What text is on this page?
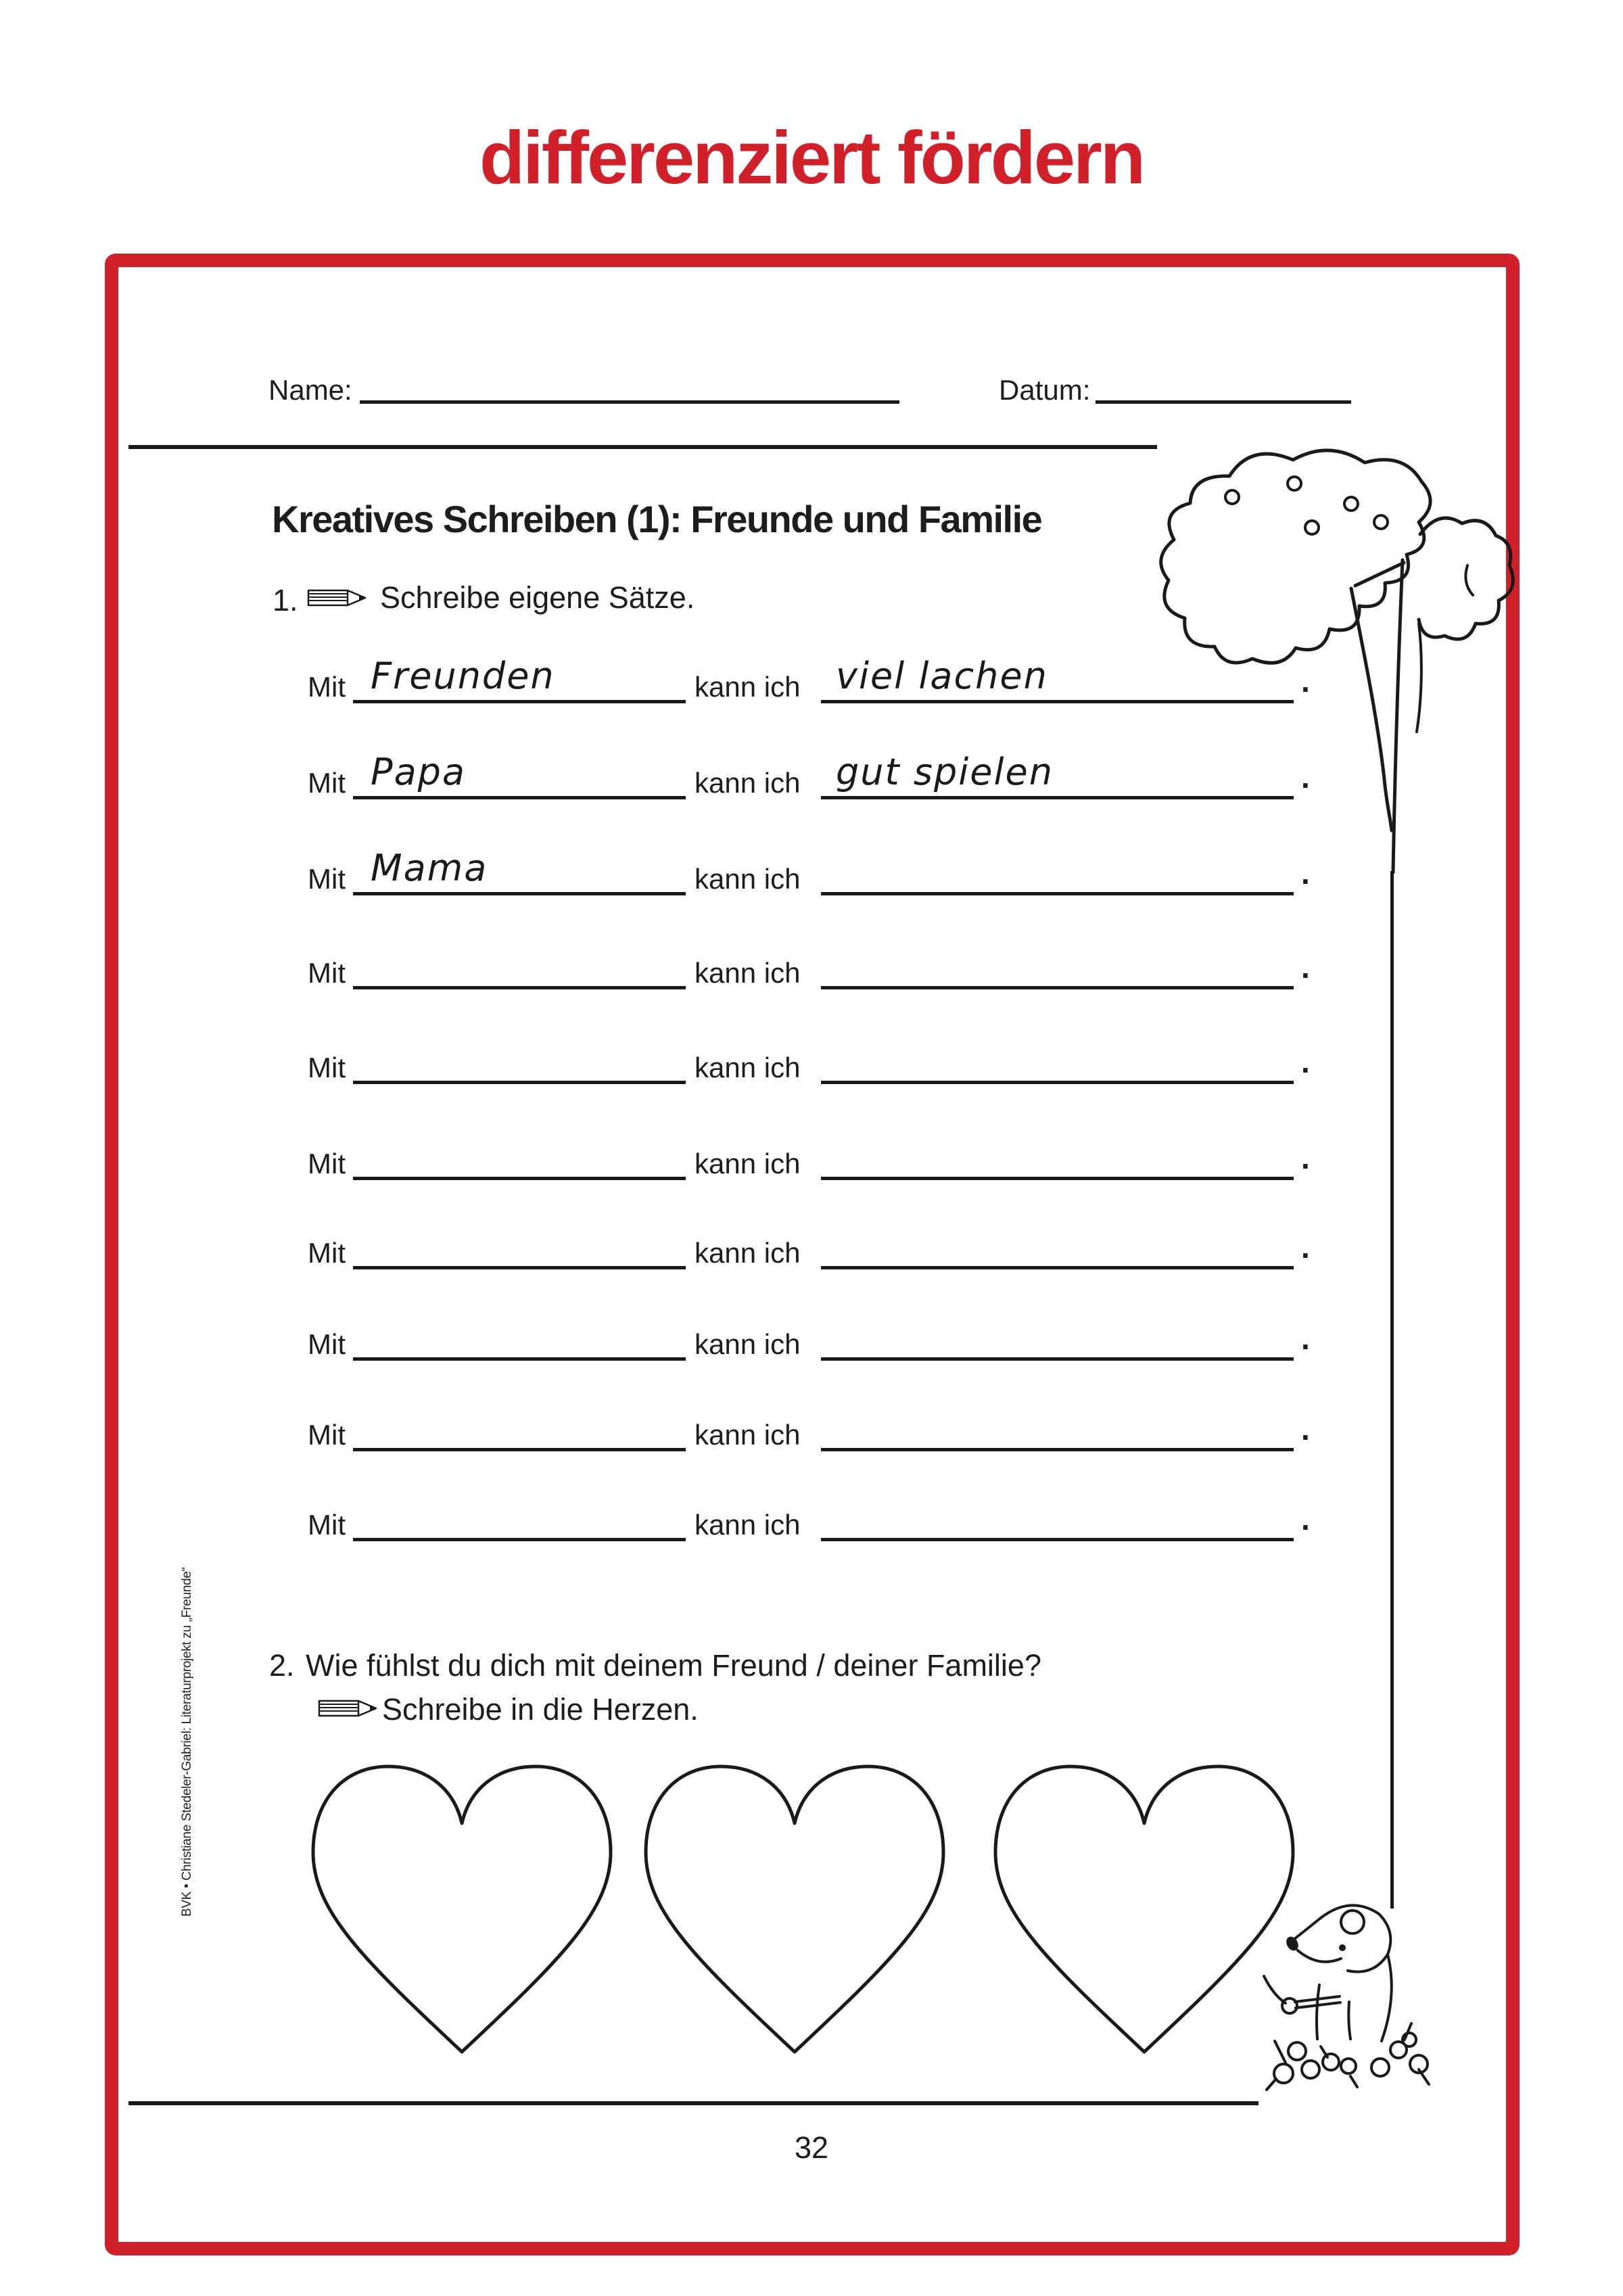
differenziert fördern
Name:	Datum:
Kreatives Schreiben (1): Freunde und Familie
1.	Schreibe eigene Sätze.
Mit Freunden	kann ich viel lachen	.
Mit Papa	kann ich gut spielen	.
Mit Mama	kann ich	.
Mit	kann ich	.
Mit	kann ich	.
Mit	kann ich	.
Mit	kann ich	.
Mit	kann ich	.
Mit	kann ich	.
Mit	kann ich	.
2. Wie fühlst du dich mit deinem Freund / deiner Familie?
Schreibe in die Herzen.
32
BVK • Christiane Stedeler-Gabriel: Literaturprojekt zu „Freunde“
